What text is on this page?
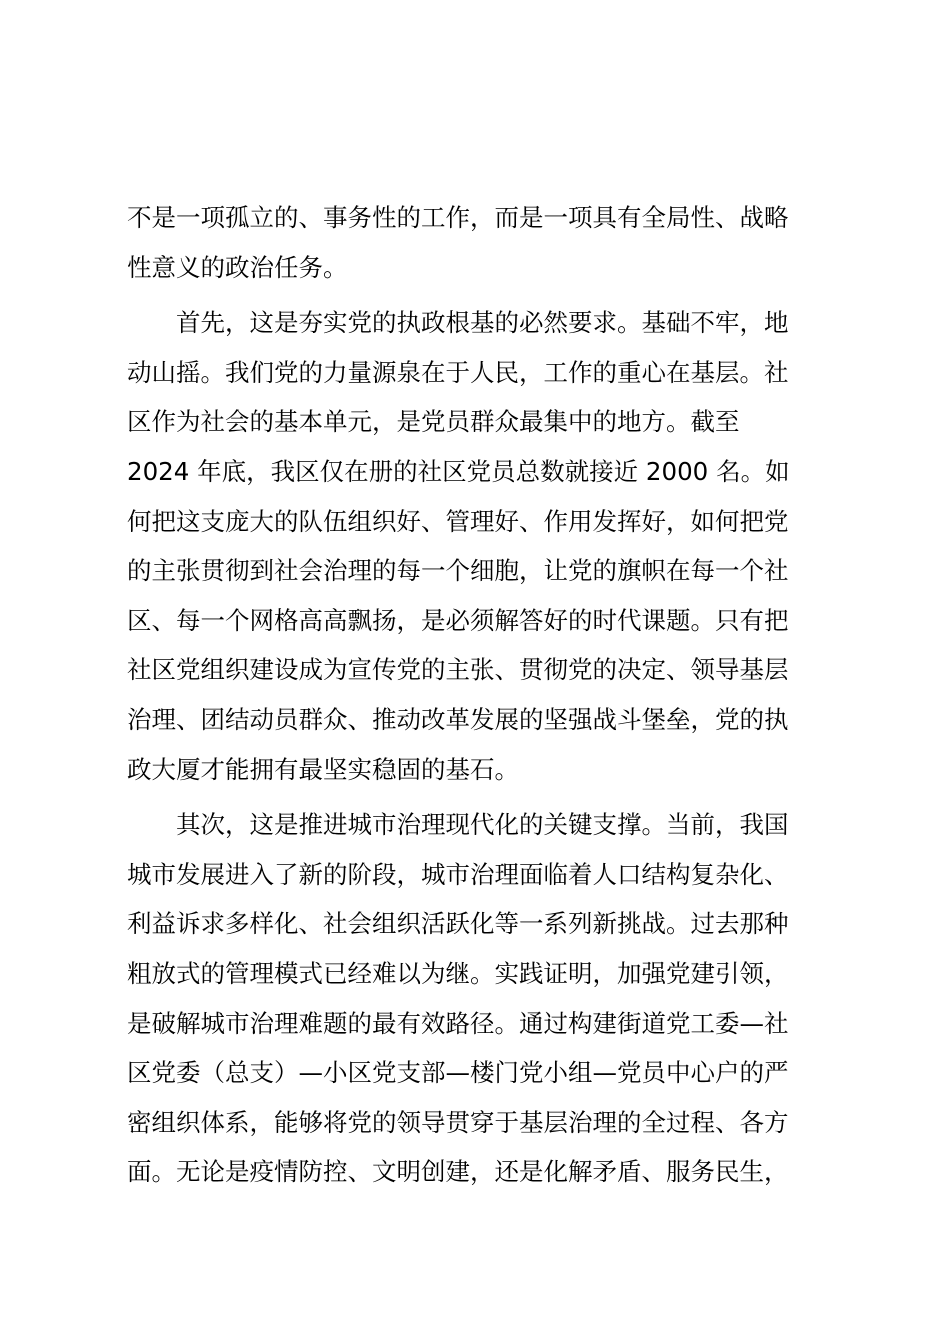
不是一项孤立的、事务性的工作，而是一项具有全局性、战略
性意义的政治任务。
首先，这是夯实党的执政根基的必然要求。基础不牢，地
动山摇。我们党的力量源泉在于人民，工作的重心在基层。社
区作为社会的基本单元，是党员群众最集中的地方。截至
2024 年底，我区仅在册的社区党员总数就接近 2000 名。如
何把这支庞大的队伍组织好、管理好、作用发挥好，如何把党
的主张贯彻到社会治理的每一个细胞，让党的旗帜在每一个社
区、每一个网格高高飘扬，是必须解答好的时代课题。只有把
社区党组织建设成为宣传党的主张、贯彻党的决定、领导基层
治理、团结动员群众、推动改革发展的坚强战斗堡垒，党的执
政大厦才能拥有最坚实稳固的基石。
其次，这是推进城市治理现代化的关键支撑。当前，我国
城市发展进入了新的阶段，城市治理面临着人口结构复杂化、
利益诉求多样化、社会组织活跃化等一系列新挑战。过去那种
粗放式的管理模式已经难以为继。实践证明，加强党建引领，
是破解城市治理难题的最有效路径。通过构建街道党工委—社
区党委（总支）—小区党支部—楼门党小组—党员中心户的严
密组织体系，能够将党的领导贯穿于基层治理的全过程、各方
面。无论是疫情防控、文明创建，还是化解矛盾、服务民生，
